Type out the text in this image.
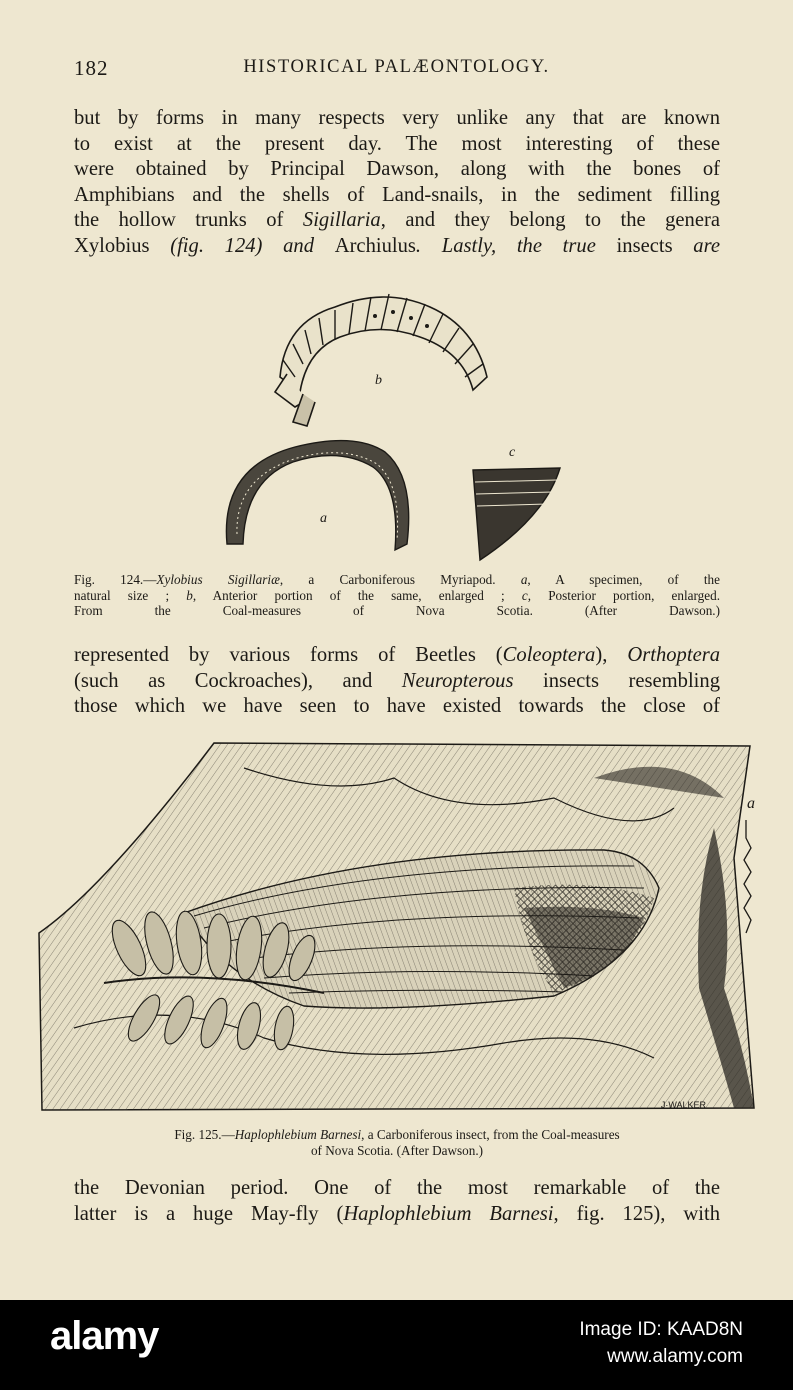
182	HISTORICAL PALÆONTOLOGY.
but by forms in many respects very unlike any that are known
to exist at the present day. The most interesting of these
were obtained by Principal Dawson, along with the bones of
Amphibians and the shells of Land-snails, in the sediment filling
the hollow trunks of Sigillaria, and they belong to the genera
Xylobius (fig. 124) and Archiulus. Lastly, the true insects are
b
a
c
Fig. 124.—Xylobius Sigillariæ, a Carboniferous Myriapod. a, A specimen, of the
natural size ; b, Anterior portion of the same, enlarged ; c, Posterior portion, enlarged.
From the Coal-measures of Nova Scotia. (After Dawson.)
represented by various forms of Beetles (Coleoptera), Orthoptera
(such as Cockroaches), and Neuropterous insects resembling
those which we have seen to have existed towards the close of
a
J·WALKER
Fig. 125.—Haplophlebium Barnesi, a Carboniferous insect, from the Coal-measures
of Nova Scotia. (After Dawson.)
the Devonian period. One of the most remarkable of the
latter is a huge May-fly (Haplophlebium Barnesi, fig. 125), with
alamy	Image ID: KAAD8N
www.alamy.com
